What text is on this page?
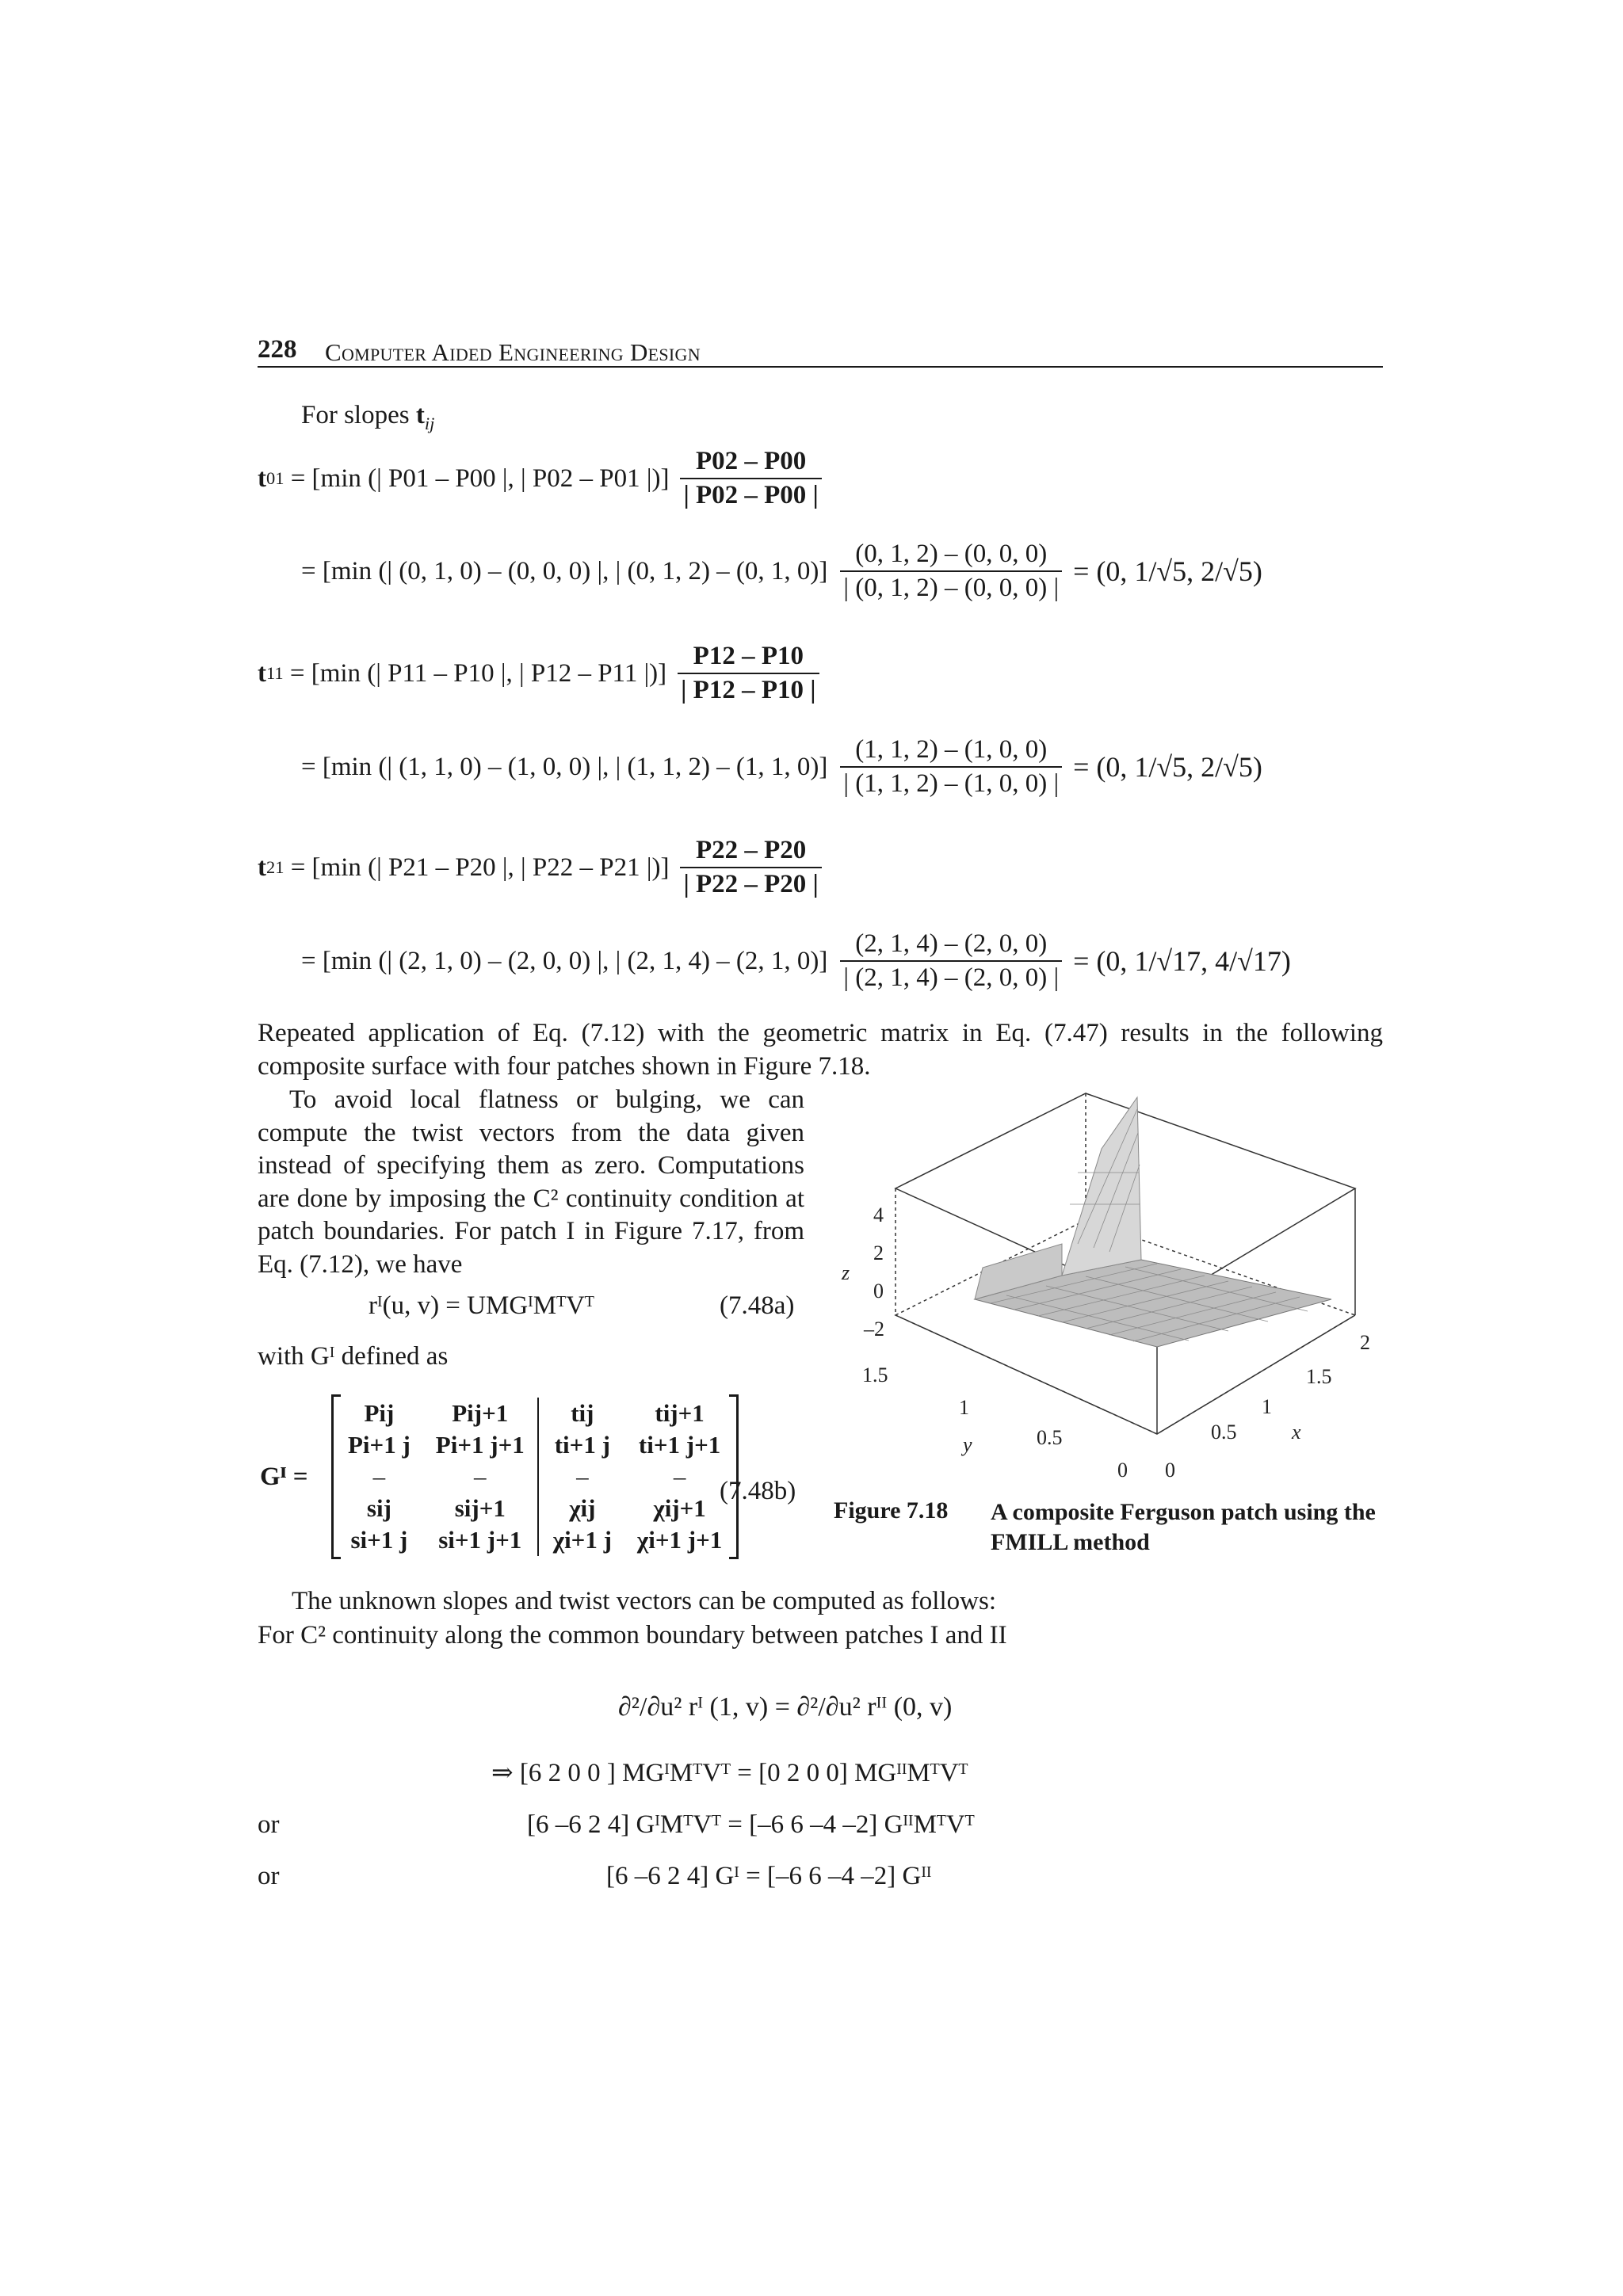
228 Computer Aided Engineering Design
For slopes $t_{ij}$
t 01
= [min (| P01 – P00 |, | P02 – P01 |)] $\frac{P02 - P00}{| P02 - P00 |}$
= [min (| (0, 1, 0) – (0, 0, 0) |, | (0, 1, 2) – (0, 1, $0)] \frac{(0, 1, 2) - (0, 0, 0)}{| (0, 1, 2) - (0, 0, 0) |} = (0$, 1/√5, 2/√5)
t 11
= [min (| P11 – P10 |, | P12 – P11 |)] $\frac{P12 - P10}{| P12 - P10 |}$
= [min (| (1, 1, 0) – (1, 0, 0) |, | (1, 1, 2) – (1, 1, $0)] \frac{(1, 1, 2) - (1, 0, 0)}{| (1, 1, 2) - (1, 0, 0) |} = (0$, 1/√5, 2/√5)
t 21
= [min (| P21 – P20 |, | P22 – P21 |)] $\frac{P22 - P20}{| P22 - P20 |}$
= [min (| (2, 1, 0) – (2, 0, 0) |, | (2, 1, 4) – (2, 1, $0)] \frac{(2, 1, 4) - (2, 0, 0)}{| (2, 1, 4) - (2, 0, 0) |} = (0$, 1/√17, 4/√17)
Repeated application of Eq. (7.12) with the geometric matrix in Eq. (7.47) results in the following composite surface with four patches shown in Figure 7.18.
To avoid local flatness or bulging, we can compute the twist vectors from the data given instead of specifying them as zero. Computations are done by imposing the C² continuity condition at patch boundaries. For patch I in Figure 7.17, from Eq. (7.12), we have
rᴵ(u, v) = UMGᴵMᵀVᵀ	(7.48a)
with Gᴵ defined as
Gᴵ =
Pij	Pij+1		tij	tij+1
Pi+1 j	Pi+1 j+1		ti+1 j	ti+1 j+1
–	–		–	–
sij	sij+1		χij	χij+1
si+1 j	si+1 j+1		χi+1 j	χi+1 j+1
(7.48b)
4
2
0
–2
z
1.5
1
0.5
0
y
0
0.5
1
1.5
2
x
Figure 7.18 A composite Ferguson patch using the
FMILL method
The unknown slopes and twist vectors can be computed as follows:
For C² continuity along the common boundary between patches I and II
∂²/∂u² rᴵ (1, v) = ∂²/∂u² rᴵᴵ (0, v)
⇒ [6 2 0 0 ] MGᴵMᵀVᵀ = [0 2 0 0] MGᴵᴵMᵀVᵀ
or	[6 –6 2 4] GᴵMᵀVᵀ = [–6 6 –4 –2] GᴵᴵMᵀVᵀ
or	[6 –6 2 4] Gᴵ = [–6 6 –4 –2] Gᴵᴵ
